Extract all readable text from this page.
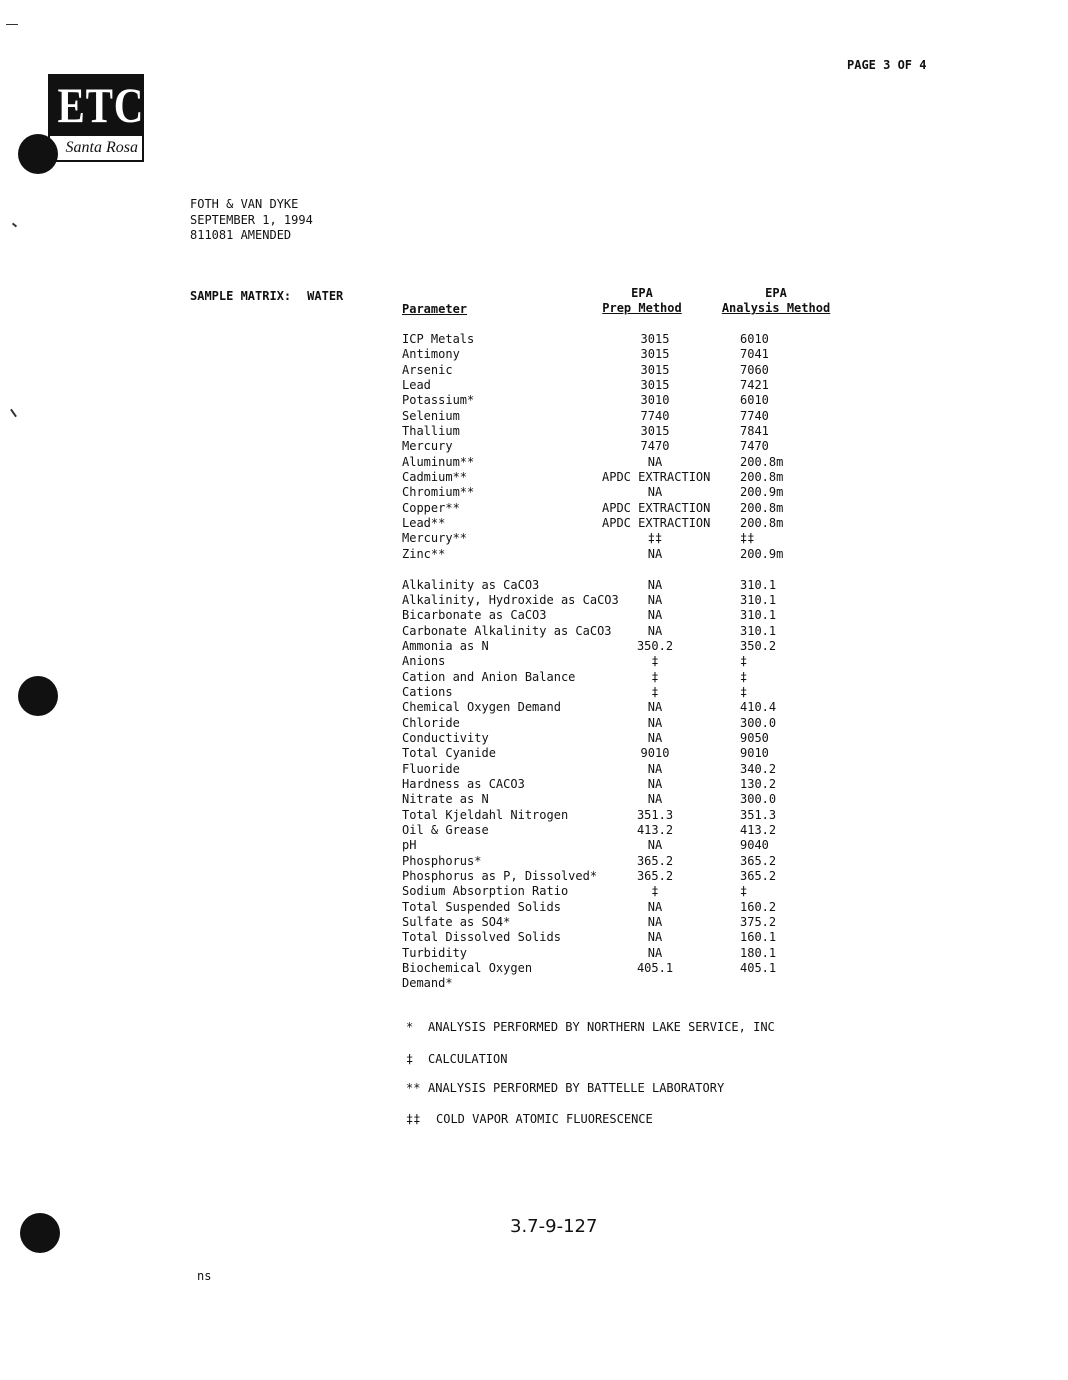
ETC
Santa Rosa
PAGE 3 OF 4
FOTH & VAN DYKE
SEPTEMBER 1, 1994
811081 AMENDED
SAMPLE MATRIX: WATER
Parameter
EPA
Prep Method
EPA
Analysis Method
ICP Metals	3015	6010
Antimony	3015	7041
Arsenic	3015	7060
Lead	3015	7421
Potassium*	3010	6010
Selenium	7740	7740
Thallium	3015	7841
Mercury	7470	7470
Aluminum**	NA	200.8m
Cadmium**	APDC EXTRACTION 200.8m
Chromium**	NA	200.9m
Copper**	APDC EXTRACTION 200.8m
Lead**	APDC EXTRACTION 200.8m
Mercury**	‡‡	‡‡
Zinc**	NA	200.9m
Alkalinity as CaCO3	NA	310.1
Alkalinity, Hydroxide as CaCO3	NA	310.1
Bicarbonate as CaCO3	NA	310.1
Carbonate Alkalinity as CaCO3	NA	310.1
Ammonia as N	350.2	350.2
Anions	‡	‡
Cation and Anion Balance	‡	‡
Cations	‡	‡
Chemical Oxygen Demand	NA	410.4
Chloride	NA	300.0
Conductivity	NA	9050
Total Cyanide	9010	9010
Fluoride	NA	340.2
Hardness as CACO3	NA	130.2
Nitrate as N	NA	300.0
Total Kjeldahl Nitrogen	351.3	351.3
Oil & Grease	413.2	413.2
pH	NA	9040
Phosphorus*	365.2	365.2
Phosphorus as P, Dissolved*	365.2	365.2
Sodium Absorption Ratio	‡	‡
Total Suspended Solids	NA	160.2
Sulfate as SO4*	NA	375.2
Total Dissolved Solids	NA	160.1
Turbidity	NA	180.1
Biochemical Oxygen	405.1	405.1
Demand*
* ANALYSIS PERFORMED BY NORTHERN LAKE SERVICE, INC
‡ CALCULATION
** ANALYSIS PERFORMED BY BATTELLE LABORATORY
‡‡ COLD VAPOR ATOMIC FLUORESCENCE
3.7-9-127
ns
